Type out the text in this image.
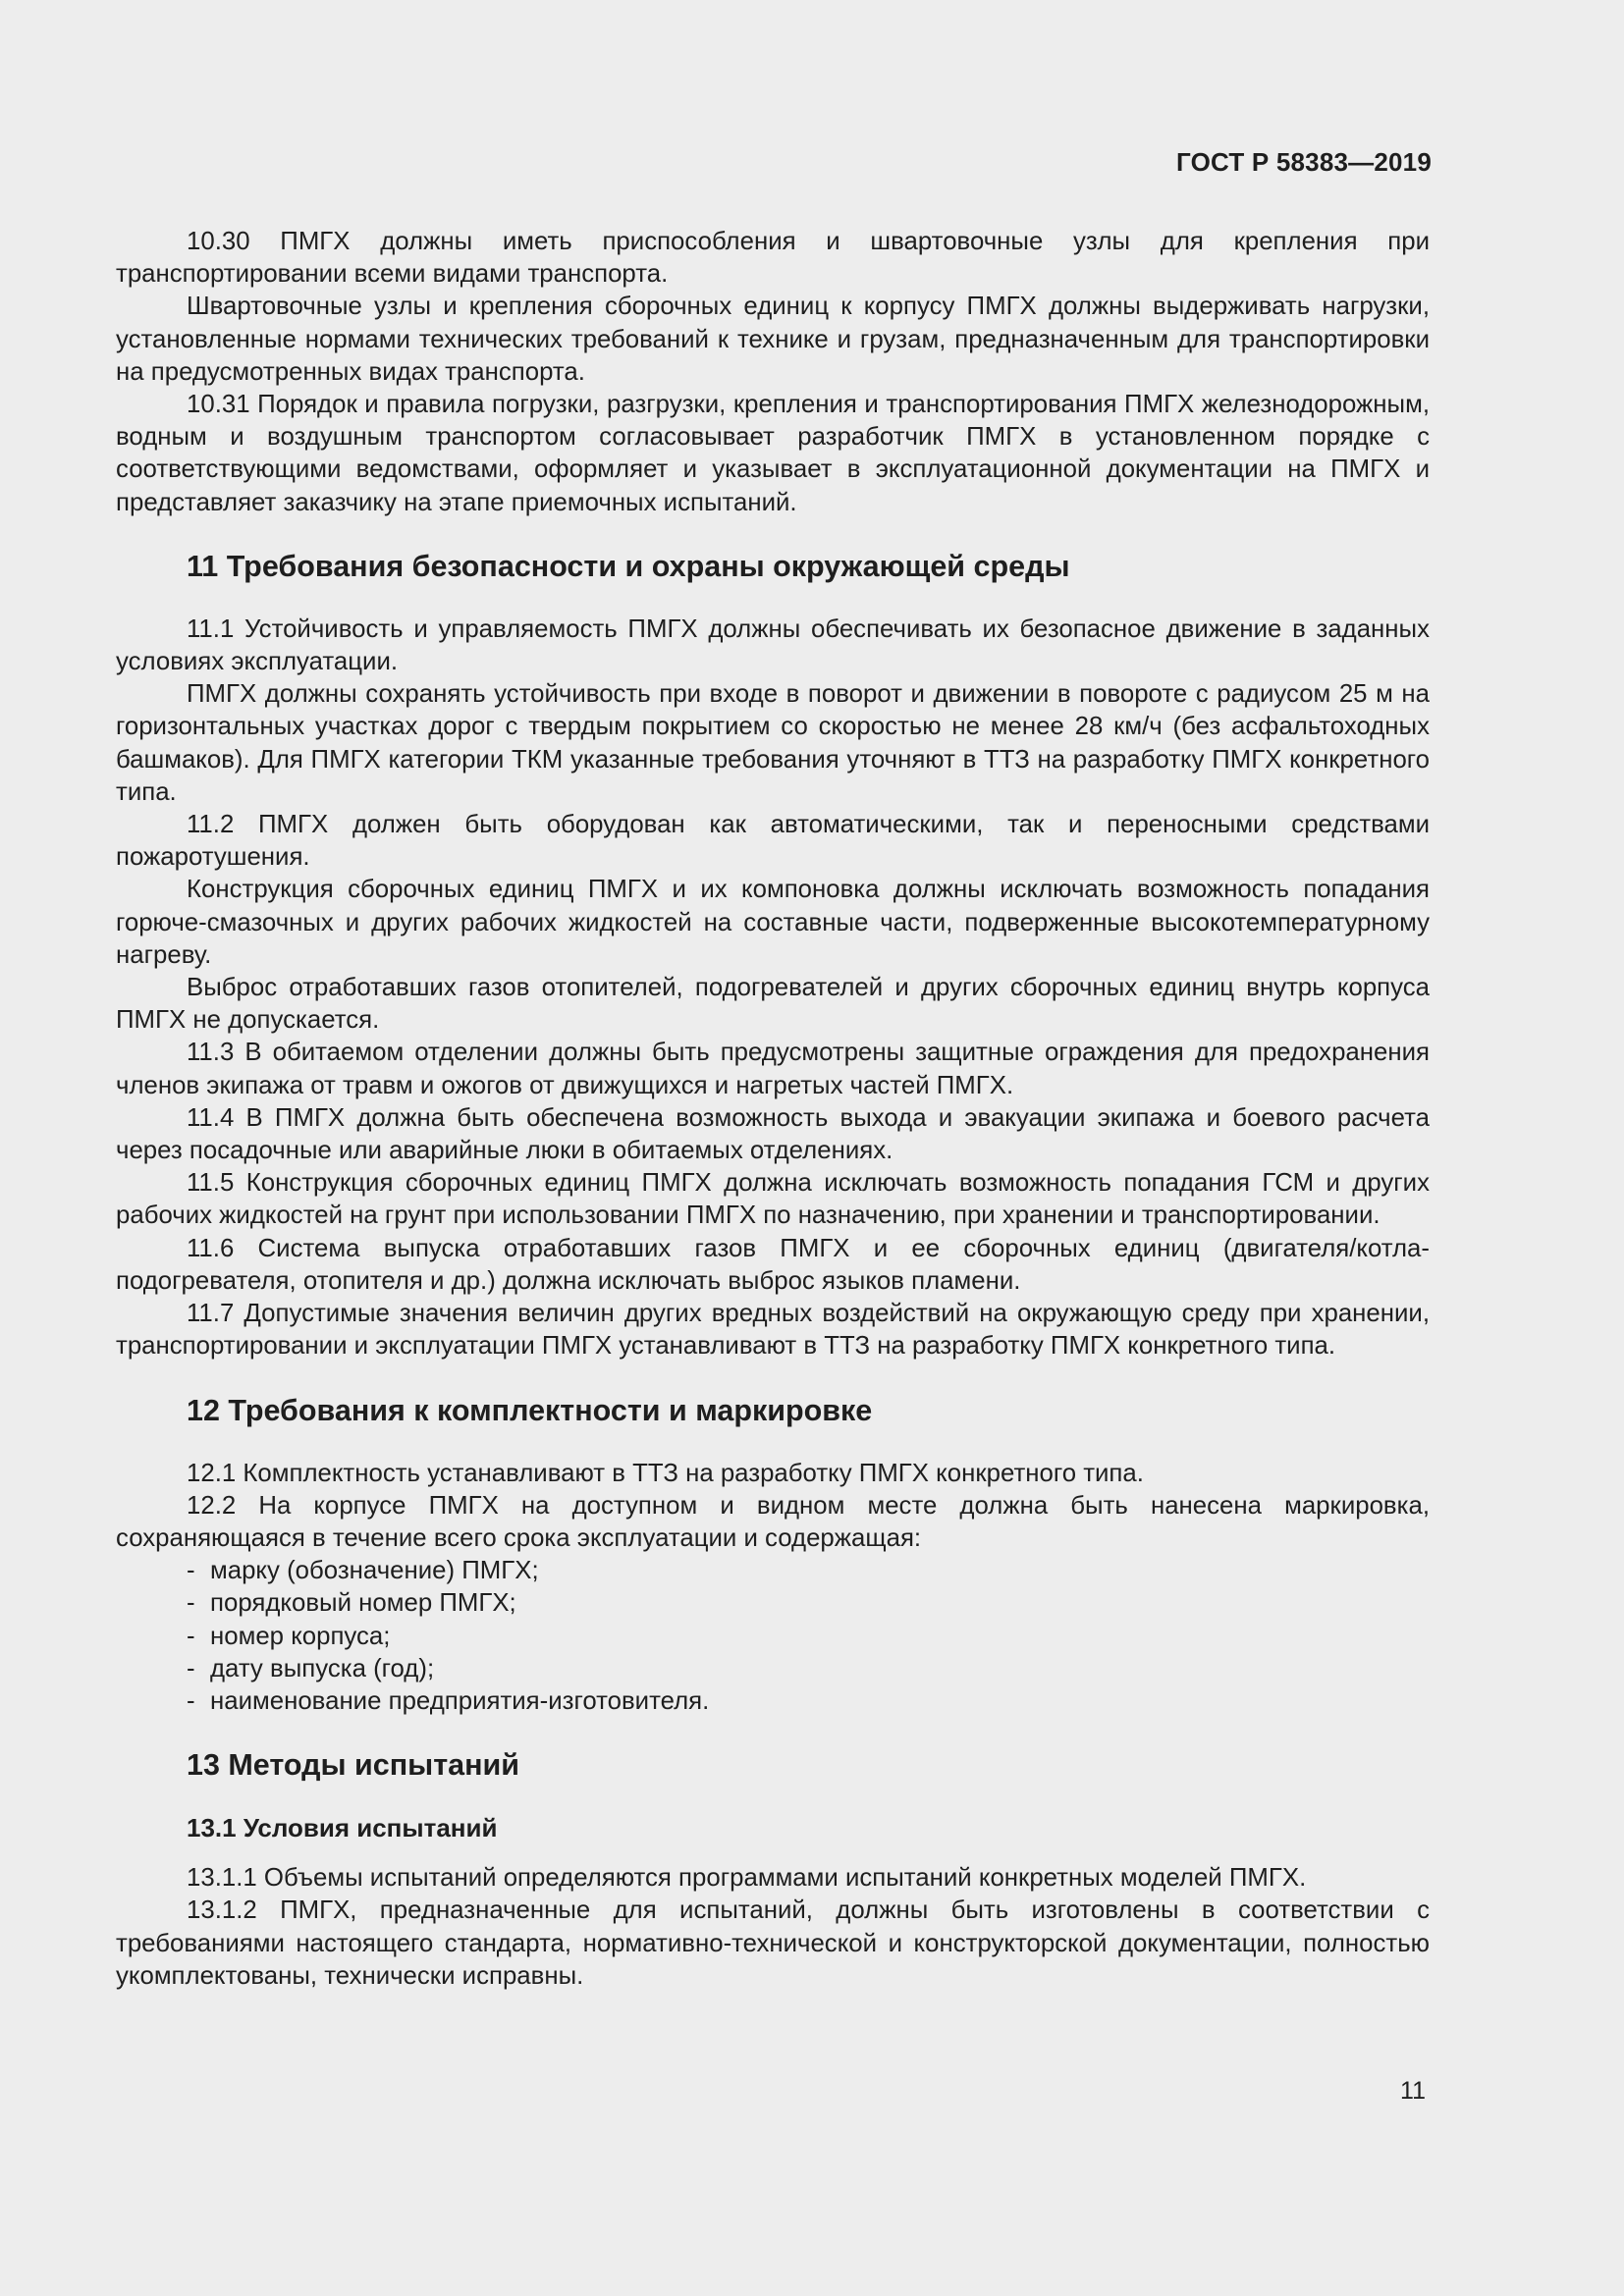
ГОСТ Р 58383—2019

10.30 ПМГХ должны иметь приспособления и швартовочные узлы для крепления при транспортировании всеми видами транспорта.

Швартовочные узлы и крепления сборочных единиц к корпусу ПМГХ должны выдерживать нагрузки, установленные нормами технических требований к технике и грузам, предназначенным для транспортировки на предусмотренных видах транспорта.

10.31 Порядок и правила погрузки, разгрузки, крепления и транспортирования ПМГХ железнодорожным, водным и воздушным транспортом согласовывает разработчик ПМГХ в установленном порядке с соответствующими ведомствами, оформляет и указывает в эксплуатационной документации на ПМГХ и представляет заказчику на этапе приемочных испытаний.

11 Требования безопасности и охраны окружающей среды

11.1 Устойчивость и управляемость ПМГХ должны обеспечивать их безопасное движение в заданных условиях эксплуатации.

ПМГХ должны сохранять устойчивость при входе в поворот и движении в повороте с радиусом 25 м на горизонтальных участках дорог с твердым покрытием со скоростью не менее 28 км/ч (без асфальтоходных башмаков). Для ПМГХ категории ТКМ указанные требования уточняют в ТТЗ на разработку ПМГХ конкретного типа.

11.2 ПМГХ должен быть оборудован как автоматическими, так и переносными средствами пожаротушения.

Конструкция сборочных единиц ПМГХ и их компоновка должны исключать возможность попадания горюче-смазочных и других рабочих жидкостей на составные части, подверженные высокотемпературному нагреву.

Выброс отработавших газов отопителей, подогревателей и других сборочных единиц внутрь корпуса ПМГХ не допускается.

11.3 В обитаемом отделении должны быть предусмотрены защитные ограждения для предохранения членов экипажа от травм и ожогов от движущихся и нагретых частей ПМГХ.

11.4 В ПМГХ должна быть обеспечена возможность выхода и эвакуации экипажа и боевого расчета через посадочные или аварийные люки в обитаемых отделениях.

11.5 Конструкция сборочных единиц ПМГХ должна исключать возможность попадания ГСМ и других рабочих жидкостей на грунт при использовании ПМГХ по назначению, при хранении и транспортировании.

11.6 Система выпуска отработавших газов ПМГХ и ее сборочных единиц (двигателя/котла-подогревателя, отопителя и др.) должна исключать выброс языков пламени.

11.7 Допустимые значения величин других вредных воздействий на окружающую среду при хранении, транспортировании и эксплуатации ПМГХ устанавливают в ТТЗ на разработку ПМГХ конкретного типа.

12 Требования к комплектности и маркировке

12.1 Комплектность устанавливают в ТТЗ на разработку ПМГХ конкретного типа.

12.2 На корпусе ПМГХ на доступном и видном месте должна быть нанесена маркировка, сохраняющаяся в течение всего срока эксплуатации и содержащая:

- марку (обозначение) ПМГХ;
- порядковый номер ПМГХ;
- номер корпуса;
- дату выпуска (год);
- наименование предприятия-изготовителя.
13 Методы испытаний
13.1 Условия испытаний

13.1.1 Объемы испытаний определяются программами испытаний конкретных моделей ПМГХ.

13.1.2 ПМГХ, предназначенные для испытаний, должны быть изготовлены в соответствии с требованиями настоящего стандарта, нормативно-технической и конструкторской документации, полностью укомплектованы, технически исправны.

11
